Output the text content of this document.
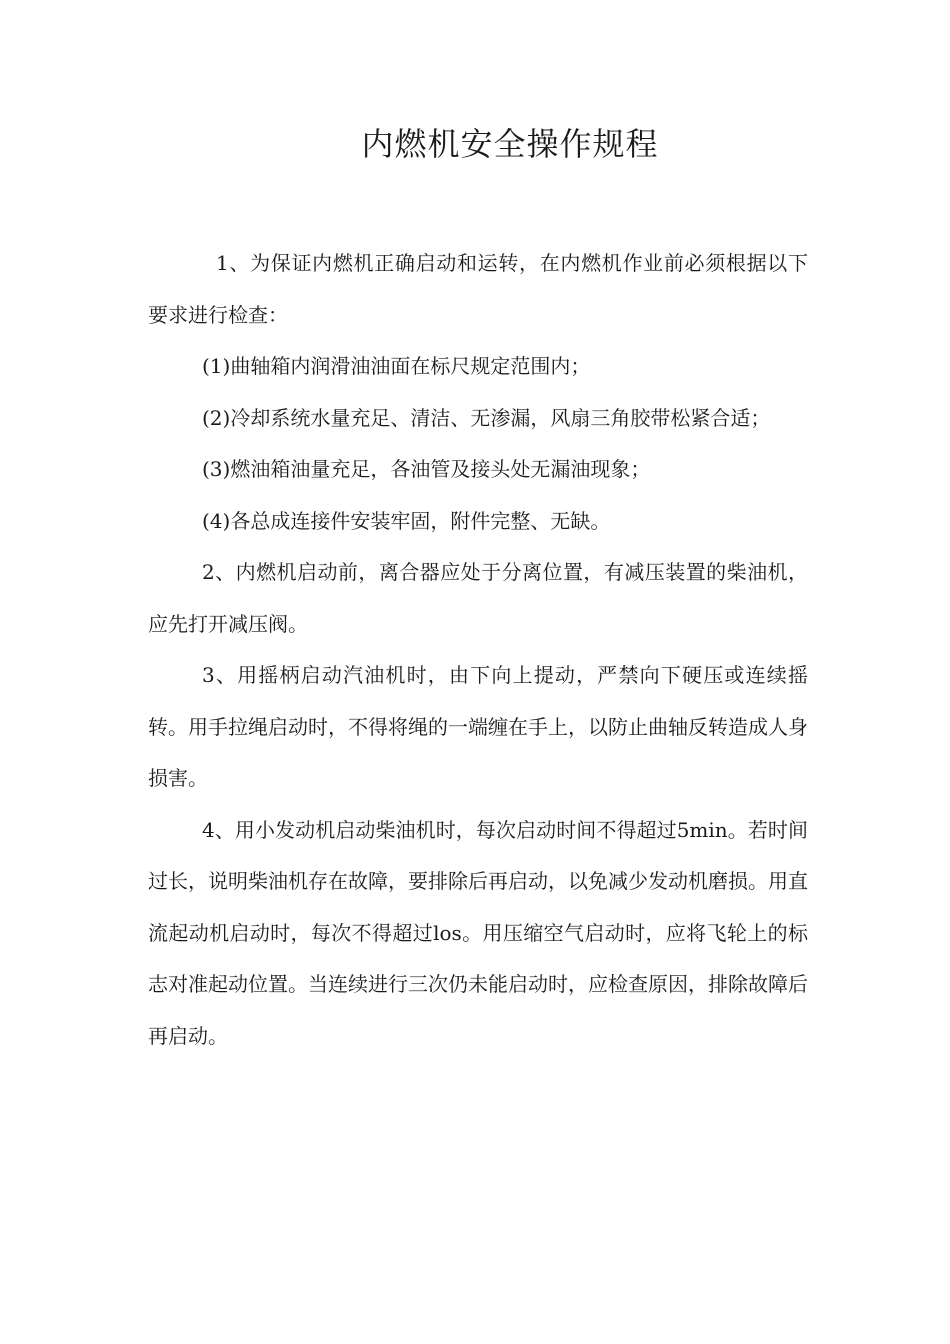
内燃机安全操作规程

1、为保证内燃机正确启动和运转，在内燃机作业前必须根据以下要求进行检查：

(1)曲轴箱内润滑油油面在标尺规定范围内；

(2)冷却系统水量充足、清洁、无渗漏，风扇三角胶带松紧合适；

(3)燃油箱油量充足，各油管及接头处无漏油现象；

(4)各总成连接件安装牢固，附件完整、无缺。

2、内燃机启动前，离合器应处于分离位置，有减压装置的柴油机，应先打开减压阀。

3、用摇柄启动汽油机时，由下向上提动，严禁向下硬压或连续摇转。用手拉绳启动时，不得将绳的一端缠在手上，以防止曲轴反转造成人身损害。

4、用小发动机启动柴油机时，每次启动时间不得超过5min。若时间过长，说明柴油机存在故障，要排除后再启动，以免减少发动机磨损。用直流起动机启动时，每次不得超过los。用压缩空气启动时，应将飞轮上的标志对准起动位置。当连续进行三次仍未能启动时，应检查原因，排除故障后再启动。
